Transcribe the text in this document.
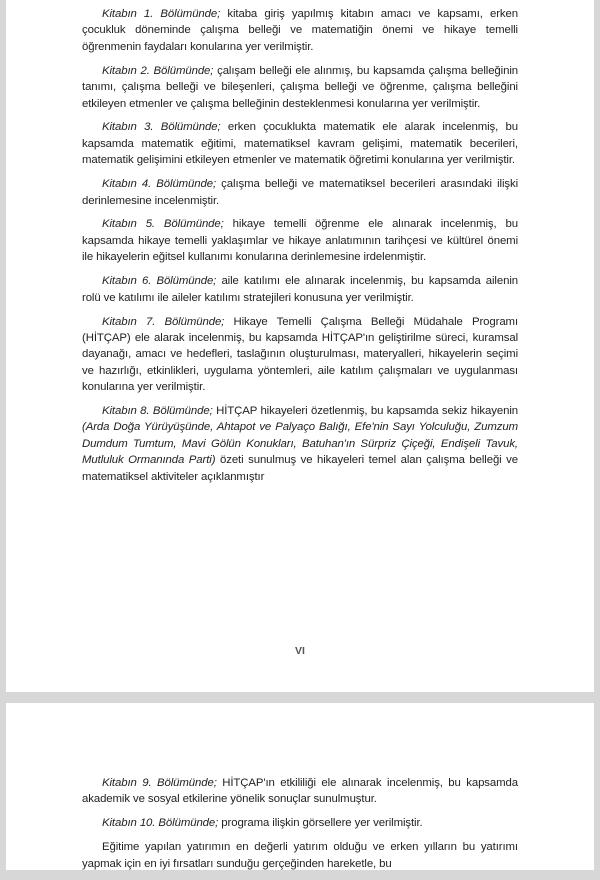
Kitabın 1. Bölümünde; kitaba giriş yapılmış kitabın amacı ve kapsamı, erken çocukluk döneminde çalışma belleği ve matematiğin önemi ve hikaye temelli öğrenmenin faydaları konularına yer verilmiştir.

Kitabın 2. Bölümünde; çalışam belleği ele alınmış, bu kapsamda çalışma belleğinin tanımı, çalışma belleği ve bileşenleri, çalışma belleği ve öğrenme, çalışma belleğini etkileyen etmenler ve çalışma belleğinin desteklenmesi konularına yer verilmiştir.

Kitabın 3. Bölümünde; erken çocuklukta matematik ele alarak incelenmiş, bu kapsamda matematik eğitimi, matematiksel kavram gelişimi, matematik becerileri, matematik gelişimini etkileyen etmenler ve matematik öğretimi konularına yer verilmiştir.

Kitabın 4. Bölümünde; çalışma belleği ve matematiksel becerileri arasındaki ilişki derinlemesine incelenmiştir.

Kitabın 5. Bölümünde; hikaye temelli öğrenme ele alınarak incelenmiş, bu kapsamda hikaye temelli yaklaşımlar ve hikaye anlatımının tarihçesi ve kültürel önemi ile hikayelerin eğitsel kullanımı konularına derinlemesine irdelenmiştir.

Kitabın 6. Bölümünde; aile katılımı ele alınarak incelenmiş, bu kapsamda ailenin rolü ve katılımı ile aileler katılımı stratejileri konusuna yer verilmiştir.

Kitabın 7. Bölümünde; Hikaye Temelli Çalışma Belleği Müdahale Programı (HİTÇAP) ele alarak incelenmiş, bu kapsamda HİTÇAP'ın geliştirilme süreci, kuramsal dayanağı, amacı ve hedefleri, taslağının oluşturulması, materyalleri, hikayelerin seçimi ve hazırlığı, etkinlikleri, uygulama yöntemleri, aile katılım çalışmaları ve uygulanması konularına yer verilmiştir.

Kitabın 8. Bölümünde; HİTÇAP hikayeleri özetlenmiş, bu kapsamda sekiz hikayenin (Arda Doğa Yürüyüşünde, Ahtapot ve Palyaço Balığı, Efe'nin Sayı Yolculuğu, Zumzum Dumdum Tumtum, Mavi Gölün Konukları, Batuhan'ın Sürpriz Çiçeği, Endişeli Tavuk, Mutluluk Ormanında Parti) özeti sunulmuş ve hikayeleri temel alan çalışma belleği ve matematiksel aktiviteler açıklanmıştır

VI

Kitabın 9. Bölümünde; HİTÇAP'ın etkililiği ele alınarak incelenmiş, bu kapsamda akademik ve sosyal etkilerine yönelik sonuçlar sunulmuştur.

Kitabın 10. Bölümünde; programa ilişkin görsellere yer verilmiştir.

Eğitime yapılan yatırımın en değerli yatırım olduğu ve erken yılların bu yatırımı yapmak için en iyi fırsatları sunduğu gerçeğinden hareketle, bu
